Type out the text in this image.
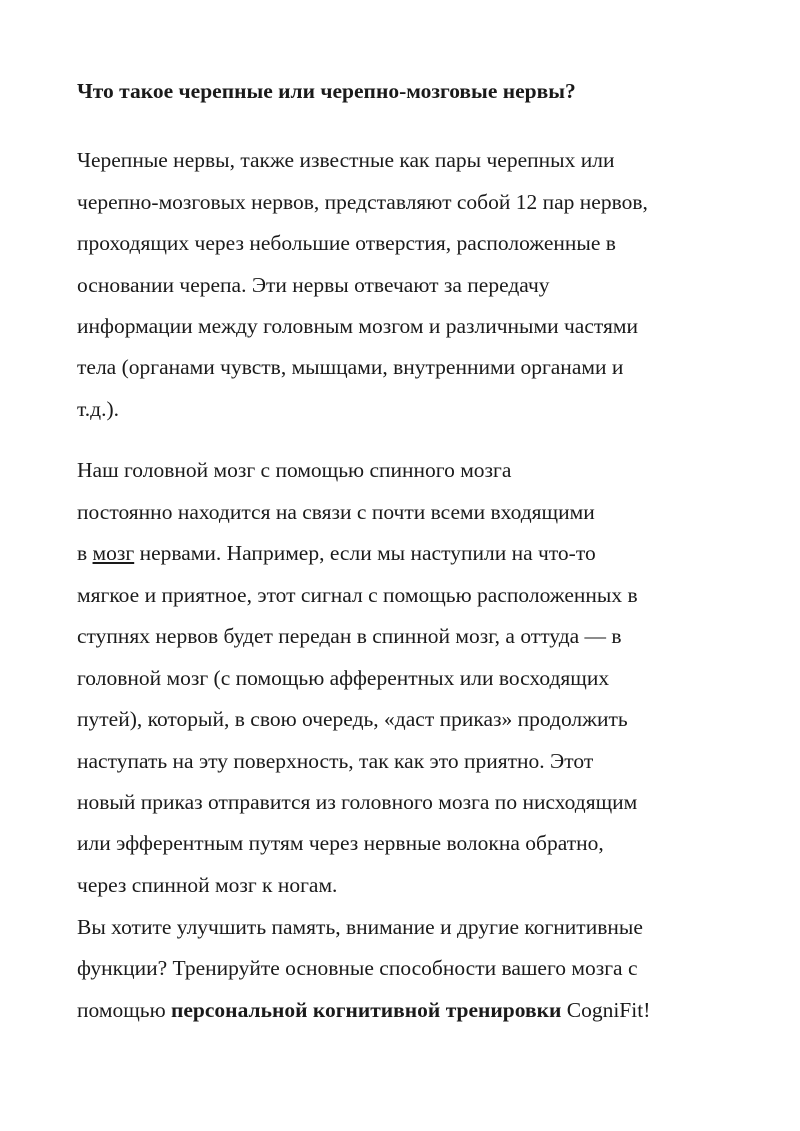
Что такое черепные или черепно-мозговые нервы?

Черепные нервы, также известные как пары черепных или

черепно-мозговых нервов, представляют собой 12 пар нервов,

проходящих через небольшие отверстия, расположенные в

основании черепа. Эти нервы отвечают за передачу

информации между головным мозгом и различными частями

тела (органами чувств, мышцами, внутренними органами и

т.д.).

Наш головной мозг с помощью спинного мозга

постоянно находится на связи с почти всеми входящими

в мозг нервами. Например, если мы наступили на что-то

мягкое и приятное, этот сигнал с помощью расположенных в

ступнях нервов будет передан в спинной мозг, а оттуда — в

головной мозг (с помощью афферентных или восходящих

путей), который, в свою очередь, «даст приказ» продолжить

наступать на эту поверхность, так как это приятно. Этот

новый приказ отправится из головного мозга по нисходящим

или эфферентным путям через нервные волокна обратно,

через спинной мозг к ногам.

Вы хотите улучшить память, внимание и другие когнитивные

функции? Тренируйте основные способности вашего мозга с

помощью персональной когнитивной тренировки CogniFit!
